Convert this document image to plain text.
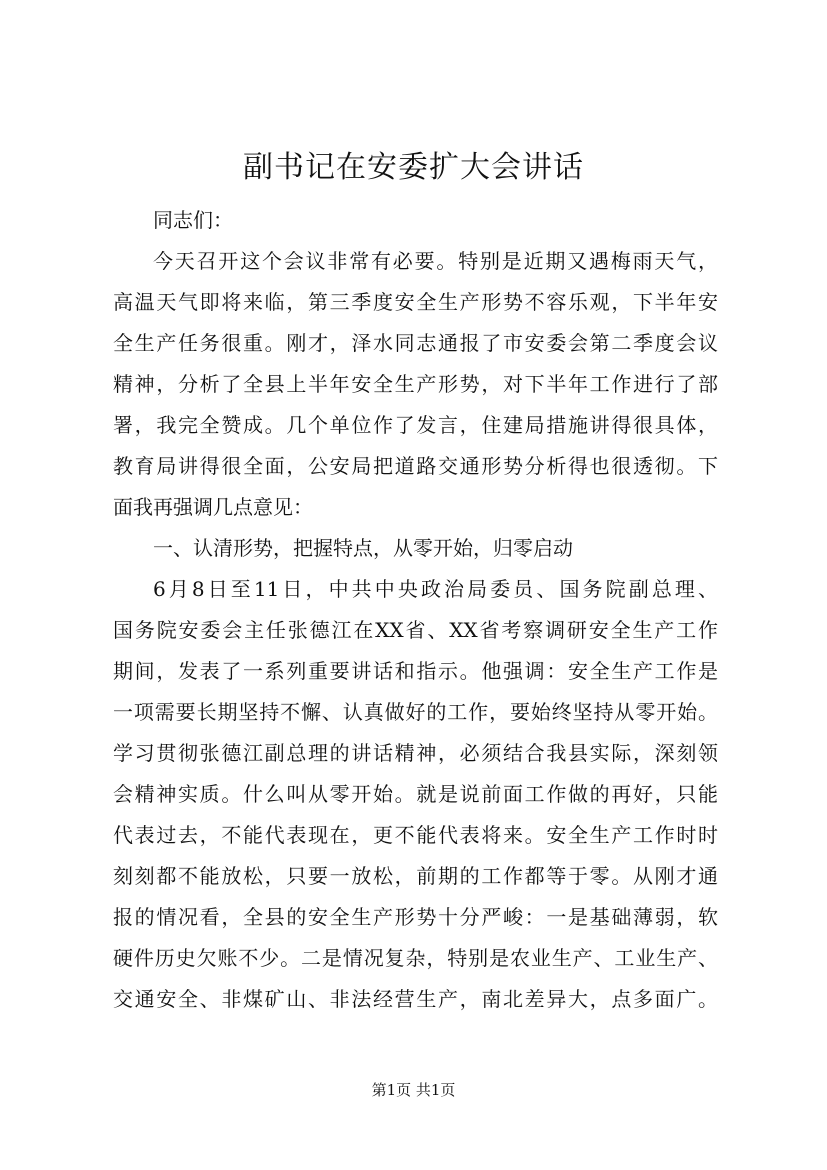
副书记在安委扩大会讲话
同志们：
今天召开这个会议非常有必要。特别是近期又遇梅雨天气，
高温天气即将来临，第三季度安全生产形势不容乐观，下半年安
全生产任务很重。刚才，泽水同志通报了市安委会第二季度会议
精神，分析了全县上半年安全生产形势，对下半年工作进行了部
署，我完全赞成。几个单位作了发言，住建局措施讲得很具体，
教育局讲得很全面，公安局把道路交通形势分析得也很透彻。下
面我再强调几点意见：
一、认清形势，把握特点，从零开始，归零启动
6月8日至11日，中共中央政治局委员、国务院副总理、
国务院安委会主任张德江在XX省、XX省考察调研安全生产工作
期间，发表了一系列重要讲话和指示。他强调：安全生产工作是
一项需要长期坚持不懈、认真做好的工作，要始终坚持从零开始。
学习贯彻张德江副总理的讲话精神，必须结合我县实际，深刻领
会精神实质。什么叫从零开始。就是说前面工作做的再好，只能
代表过去，不能代表现在，更不能代表将来。安全生产工作时时
刻刻都不能放松，只要一放松，前期的工作都等于零。从刚才通
报的情况看，全县的安全生产形势十分严峻：一是基础薄弱，软
硬件历史欠账不少。二是情况复杂，特别是农业生产、工业生产、
交通安全、非煤矿山、非法经营生产，南北差异大，点多面广。
第1页 共1页
